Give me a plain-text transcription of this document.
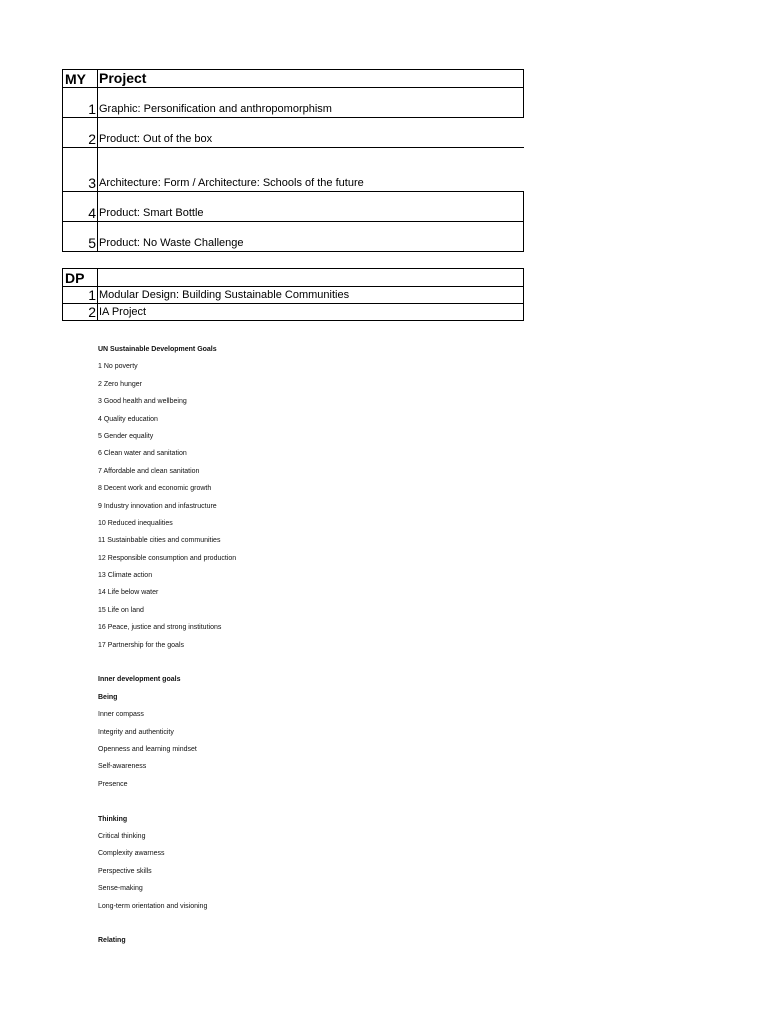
MY	Project
1	Graphic: Personification and anthropomorphism
2	Product: Out of the box
3	Architecture: Form / Architecture: Schools of the future
4	Product: Smart Bottle
5	Product: No Waste Challenge
DP	
1	Modular Design: Building Sustainable Communities
2	IA Project
UN Sustainable Development Goals
1 No poverty
2 Zero hunger
3 Good health and wellbeing
4 Quality education
5 Gender equality
6 Clean water and sanitation
7 Affordable and clean sanitation
8 Decent work and economic growth
9 Industry innovation and infastructure
10 Reduced inequalities
11 Sustainbable cities and communities
12 Responsible consumption and production
13 Climate action
14 Life below water
15 Life on land
16 Peace, justice and strong institutions
17 Partnership for the goals
Inner development goals
Being
Inner compass
Integrity and authenticity
Openness and learning mindset
Self-awareness
Presence
Thinking
Critical thinking
Complexity awarness
Perspective skills
Sense-making
Long-term orientation and visioning
Relating
